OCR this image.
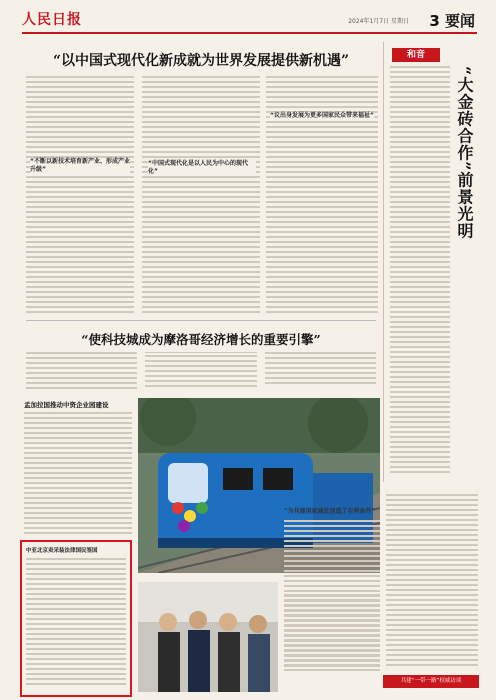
人民日报	2024年1月7日 星期日 3 要闻
“以中国式现代化新成就为世界发展提供新机遇”
“不断以新技术培育新产业、形成产业升级”
“中国式现代化是以人民为中心的现代化”
“议出身发展为更多国家民众带来福祉”
“使科技城成为摩洛哥经济增长的重要引擎”
和音
“大金砖合作”前景光明
孟加拉国推动中资企业园建设
“为共建国家减贫创造了有利条件”
中亚北京卖采装法律国民签国
共建“一带一路”权威访谈
